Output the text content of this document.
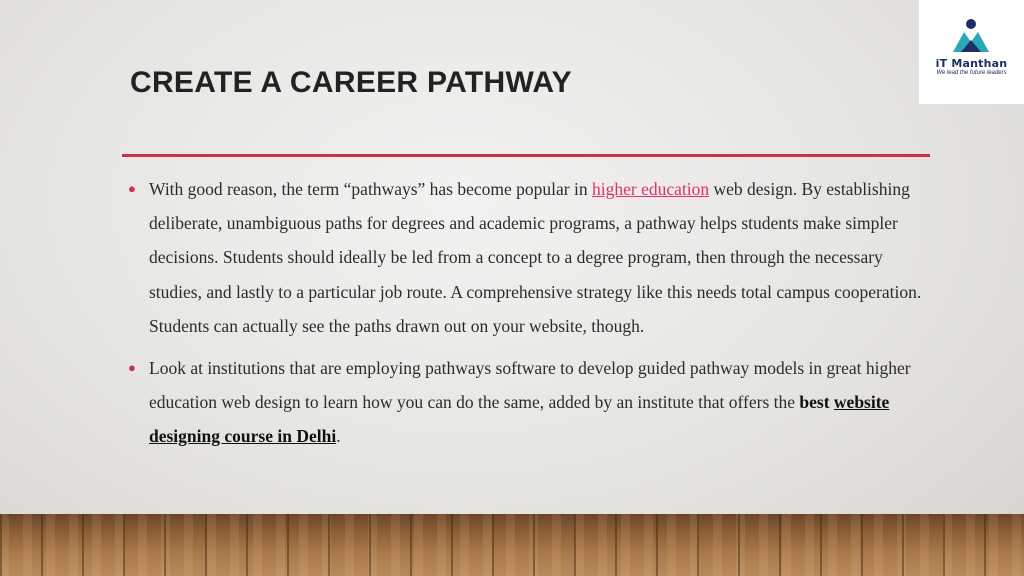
iT Manthan
We lead the future leaders
CREATE A CAREER PATHWAY
● With good reason, the term “pathways” has become popular in higher education web design. By establishing deliberate, unambiguous paths for degrees and academic programs, a pathway helps students make simpler decisions. Students should ideally be led from a concept to a degree program, then through the necessary studies, and lastly to a particular job route. A comprehensive strategy like this needs total campus cooperation. Students can actually see the paths drawn out on your website, though.
● Look at institutions that are employing pathways software to develop guided pathway models in great higher education web design to learn how you can do the same, added by an institute that offers the best website designing course in Delhi.
